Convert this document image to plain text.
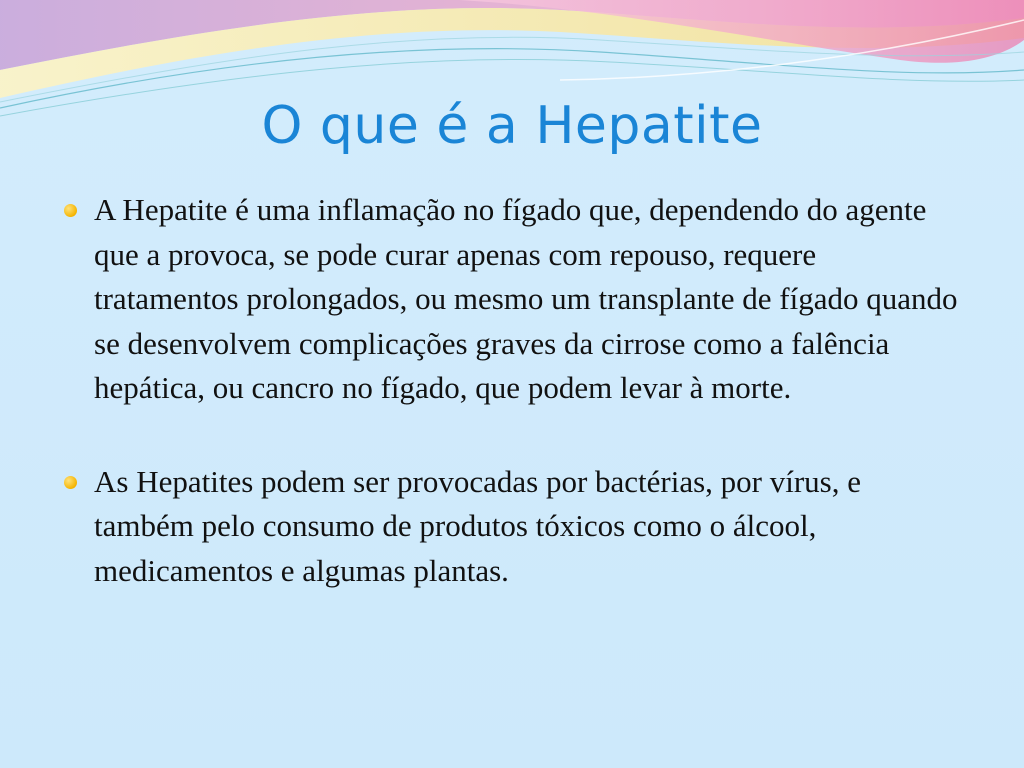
O que é a Hepatite
A Hepatite é uma inflamação no fígado que, dependendo do agente que a provoca, se pode curar apenas com repouso, requere tratamentos prolongados, ou mesmo um transplante de fígado quando se desenvolvem complicações graves da cirrose como a falência hepática, ou cancro no fígado, que podem levar à morte.
As Hepatites podem ser provocadas por bactérias, por vírus, e também pelo consumo de produtos tóxicos como o álcool, medicamentos e algumas plantas.
